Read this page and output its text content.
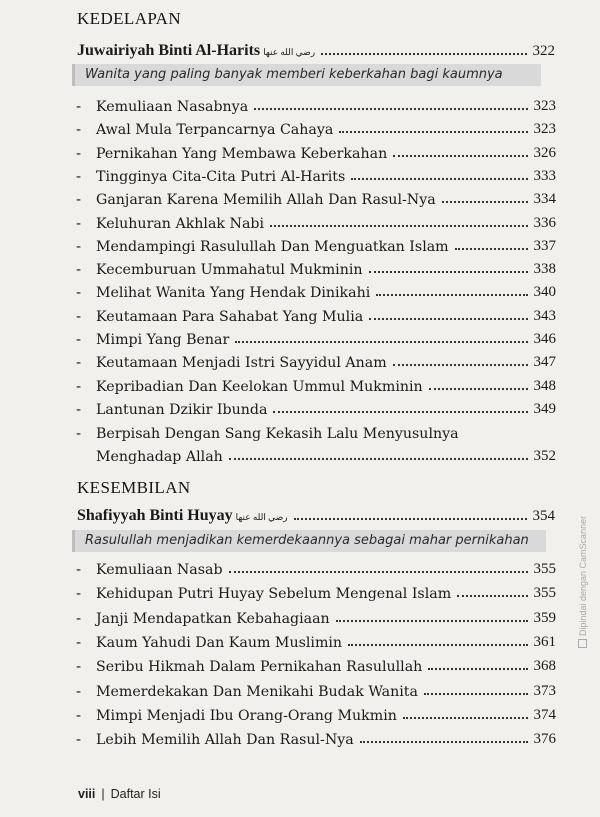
KEDELAPAN
Juwairiyah Binti Al-Harits رضي الله عنها	322
Wanita yang paling banyak memberi keberkahan bagi kaumnya
-	Kemuliaan Nasabnya	323
-	Awal Mula Terpancarnya Cahaya	323
-	Pernikahan Yang Membawa Keberkahan	326
-	Tingginya Cita-Cita Putri Al-Harits	333
-	Ganjaran Karena Memilih Allah Dan Rasul-Nya	334
-	Keluhuran Akhlak Nabi	336
-	Mendampingi Rasulullah Dan Menguatkan Islam	337
-	Kecemburuan Ummahatul Mukminin	338
-	Melihat Wanita Yang Hendak Dinikahi	340
-	Keutamaan Para Sahabat Yang Mulia	343
-	Mimpi Yang Benar	346
-	Keutamaan Menjadi Istri Sayyidul Anam	347
-	Kepribadian Dan Keelokan Ummul Mukminin	348
-	Lantunan Dzikir Ibunda	349
-	Berpisah Dengan Sang Kekasih Lalu Menyusulnya
Menghadap Allah	352
KESEMBILAN
Shafiyyah Binti Huyay رضي الله عنها	354
Rasulullah menjadikan kemerdekaannya sebagai mahar pernikahan
-	Kemuliaan Nasab	355
-	Kehidupan Putri Huyay Sebelum Mengenal Islam	355
-	Janji Mendapatkan Kebahagiaan	359
-	Kaum Yahudi Dan Kaum Muslimin	361
-	Seribu Hikmah Dalam Pernikahan Rasulullah	368
-	Memerdekakan Dan Menikahi Budak Wanita	373
-	Mimpi Menjadi Ibu Orang-Orang Mukmin	374
-	Lebih Memilih Allah Dan Rasul-Nya	376
viii | Daftar Isi
Dipindai dengan CamScanner
